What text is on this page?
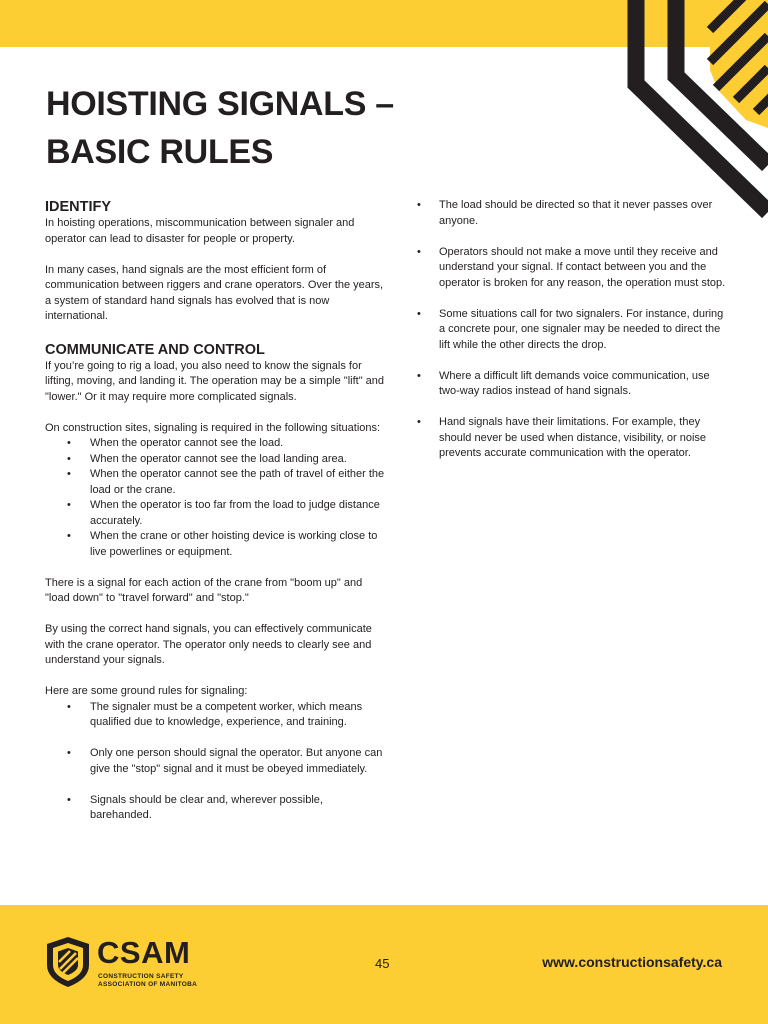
HOISTING SIGNALS –
BASIC RULES
IDENTIFY

In hoisting operations, miscommunication between signaler and operator can lead to disaster for people or property.

In many cases, hand signals are the most efficient form of communication between riggers and crane operators. Over the years, a system of standard hand signals has evolved that is now international.

COMMUNICATE AND CONTROL

If you’re going to rig a load, you also need to know the signals for lifting, moving, and landing it. The operation may be a simple "lift" and "lower." Or it may require more complicated signals.

On construction sites, signaling is required in the following situations:

• When the operator cannot see the load.
• When the operator cannot see the load landing area.
• When the operator cannot see the path of travel of either the load or the crane.
• When the operator is too far from the load to judge distance accurately.
• When the crane or other hoisting device is working close to live powerlines or equipment.

There is a signal for each action of the crane from "boom up" and "load down" to "travel forward" and "stop."

By using the correct hand signals, you can effectively communicate with the crane operator. The operator only needs to clearly see and understand your signals.

Here are some ground rules for signaling:

• The signaler must be a competent worker, which means qualified due to knowledge, experience, and training.
• Only one person should signal the operator. But anyone can give the "stop" signal and it must be obeyed immediately.
• Signals should be clear and, wherever possible, barehanded.
• The load should be directed so that it never passes over anyone.
• Operators should not make a move until they receive and understand your signal. If contact between you and the operator is broken for any reason, the operation must stop.
• Some situations call for two signalers. For instance, during a concrete pour, one signaler may be needed to direct the lift while the other directs the drop.
• Where a difficult lift demands voice communication, use two-way radios instead of hand signals.
• Hand signals have their limitations. For example, they should never be used when distance, visibility, or noise prevents accurate communication with the operator.
CSAM
CONSTRUCTION SAFETY
ASSOCIATION OF MANITOBA
45	www.constructionsafety.ca
